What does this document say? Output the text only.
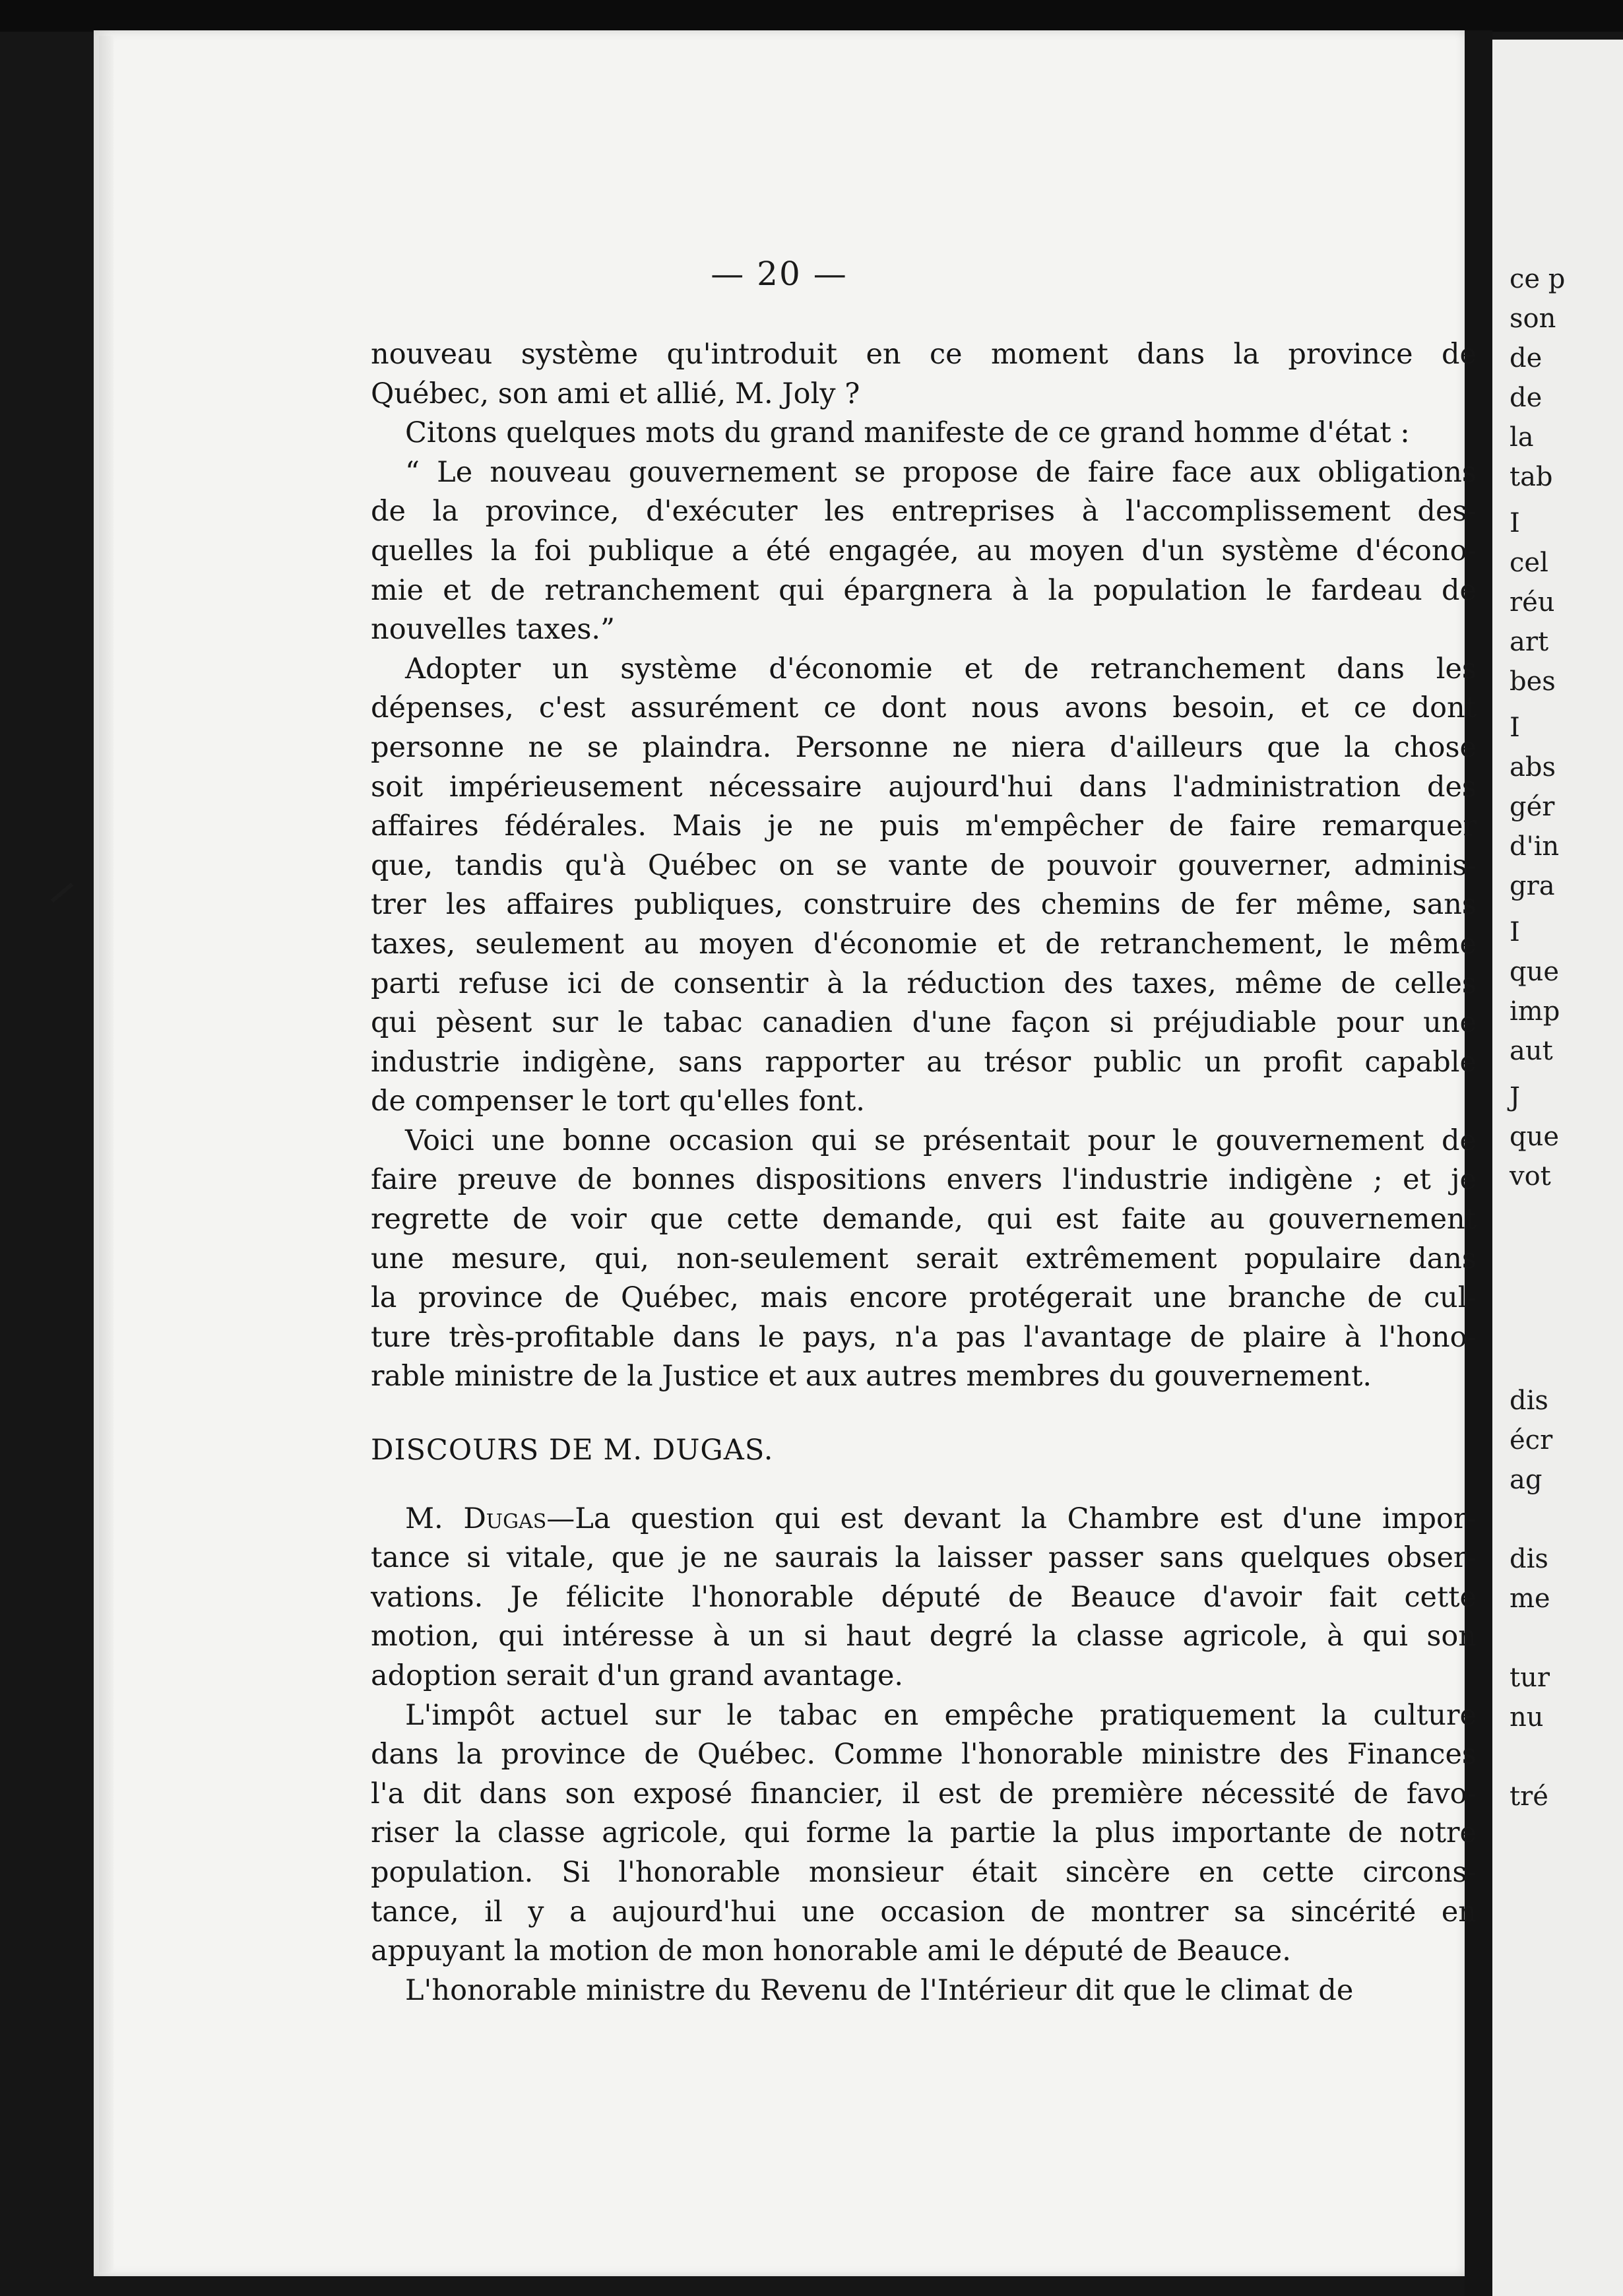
— 20 —

nouveau système qu'introduit en ce moment dans la province de
Québec, son ami et allié, M. Joly ?

Citons quelques mots du grand manifeste de ce grand homme d'état :

“ Le nouveau gouvernement se propose de faire face aux obligations
de la province, d'exécuter les entreprises à l'accomplissement des-
quelles la foi publique a été engagée, au moyen d'un système d'écono-
mie et de retranchement qui épargnera à la population le fardeau de
nouvelles taxes.”

Adopter un système d'économie et de retranchement dans les
dépenses, c'est assurément ce dont nous avons besoin, et ce dont
personne ne se plaindra. Personne ne niera d'ailleurs que la chose
soit impérieusement nécessaire aujourd'hui dans l'administration des
affaires fédérales. Mais je ne puis m'empêcher de faire remarquer
que, tandis qu'à Québec on se vante de pouvoir gouverner, adminis-
trer les affaires publiques, construire des chemins de fer même, sans
taxes, seulement au moyen d'économie et de retranchement, le même
parti refuse ici de consentir à la réduction des taxes, même de celles
qui pèsent sur le tabac canadien d'une façon si préjudiable pour une
industrie indigène, sans rapporter au trésor public un profit capable
de compenser le tort qu'elles font.

Voici une bonne occasion qui se présentait pour le gouvernement de
faire preuve de bonnes dispositions envers l'industrie indigène ; et je
regrette de voir que cette demande, qui est faite au gouvernement
une mesure, qui, non-seulement serait extrêmement populaire dans
la province de Québec, mais encore protégerait une branche de cul-
ture très-profitable dans le pays, n'a pas l'avantage de plaire à l'hono-
rable ministre de la Justice et aux autres membres du gouvernement.

DISCOURS DE M. DUGAS.

M. Dugas—La question qui est devant la Chambre est d'une impor-
tance si vitale, que je ne saurais la laisser passer sans quelques obser-
vations. Je félicite l'honorable député de Beauce d'avoir fait cette
motion, qui intéresse à un si haut degré la classe agricole, à qui son
adoption serait d'un grand avantage.

L'impôt actuel sur le tabac en empêche pratiquement la culture
dans la province de Québec. Comme l'honorable ministre des Finances
l'a dit dans son exposé financier, il est de première nécessité de favo-
riser la classe agricole, qui forme la partie la plus importante de notre
population. Si l'honorable monsieur était sincère en cette circons-
tance, il y a aujourd'hui une occasion de montrer sa sincérité en
appuyant la motion de mon honorable ami le député de Beauce.

L'honorable ministre du Revenu de l'Intérieur dit que le climat de

ce p
son
de
de
la
tab
I
cel
réu
art
bes
I
abs
gér
d'in
gra
I
que
imp
aut
J
que
vot
dis
écr
ag
dis
me
tur
nu
tré
